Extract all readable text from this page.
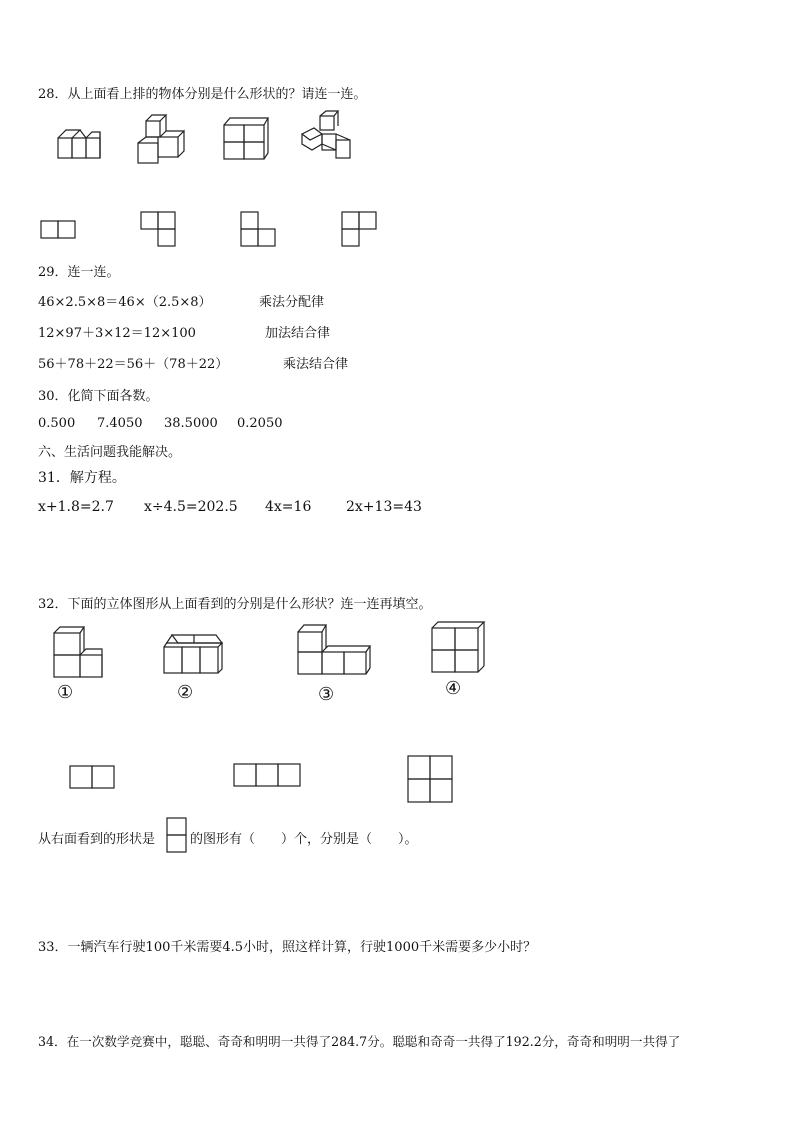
28．从上面看上排的物体分别是什么形状的？请连一连。
29．连一连。
46×2.5×8＝46×（2.5×8）	乘法分配律
12×97＋3×12＝12×100	加法结合律
56＋78＋22＝56＋（78＋22）	乘法结合律
30．化简下面各数。
0.500 7.4050 38.5000 0.2050
六、生活问题我能解决。
31．解方程。
x+1.8=2.7 x÷4.5=202.5 4x=16 2x+13=43
32．下面的立体图形从上面看到的分别是什么形状？连一连再填空。
①	②	③	④
从右面看到的形状是	的图形有（　　）个，分别是（　　）。
33．一辆汽车行驶100千米需要4.5小时，照这样计算，行驶1000千米需要多少小时？
34．在一次数学竞赛中，聪聪、奇奇和明明一共得了284.7分。聪聪和奇奇一共得了192.2分，奇奇和明明一共得了
